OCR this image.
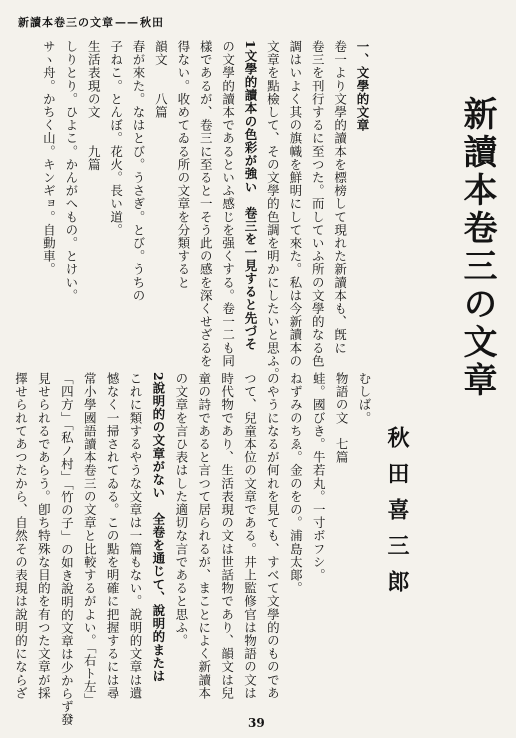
新讀本卷三の文章——秋田
新讀本卷三の文章
秋田喜三郎
一、文學的文章
卷一より文學的讀本を標榜して現れた新讀本も、旣に
卷三を刊行するに至つた。而していふ所の文學的なる色
調はいよく其の旗幟を鮮明にして來た。私は今新讀本の
文章を點檢して、その文學的色調を明かにしたいと思ふ。
1文學的讀本の色彩が強い　卷三を一見すると先づそ
の文學的讀本であるといふ感じを强くする。卷一二も同
樣であるが、卷三に至ると一そう此の感を深くせざるを
得ない。收めてゐる所の文章を分類すると
韻文　　八篇
春が來た。なはとび。うさぎ。とび。うちの
子ねこ。とんぼ。花火。長い道。
生活表現の文　　九篇
しりとり。ひよこ。かんがへもの。とけい。
サヽ舟。かちく山。キンギョ。自動車。
むしば。
物語の文　七篇
蛙。國びき。牛若丸。一寸ボフシ。
ねずみのちゑ。金のをの。浦島太郞。
のやうになるが何れを見ても、すべて文學的のものであ
つて、兒童本位の文章である。井上監修官は物語の文は
時代物であり、生活表現の文は世話物であり、韻文は兒
童の詩であると言つて居られるが、まことによく新讀本
の文章を言ひ表はした適切な言であると思ふ。
2說明的の文章がない　全卷を通じて、說明的または
これに類するやうな文章は一篇もない。說明的文章は遺
憾なく一掃されてゐる。この點を明確に把握するには尋
常小學國語讀本卷三の文章と比較するがよい。「右ト左」
「四方」「私ノ村」「竹の子」の如き說明的文章は少からず發
見せられるであらう。卽ち特殊な目的を有つた文章が採
擇せられてあつたから、自然その表現は說明的にならざ
39
